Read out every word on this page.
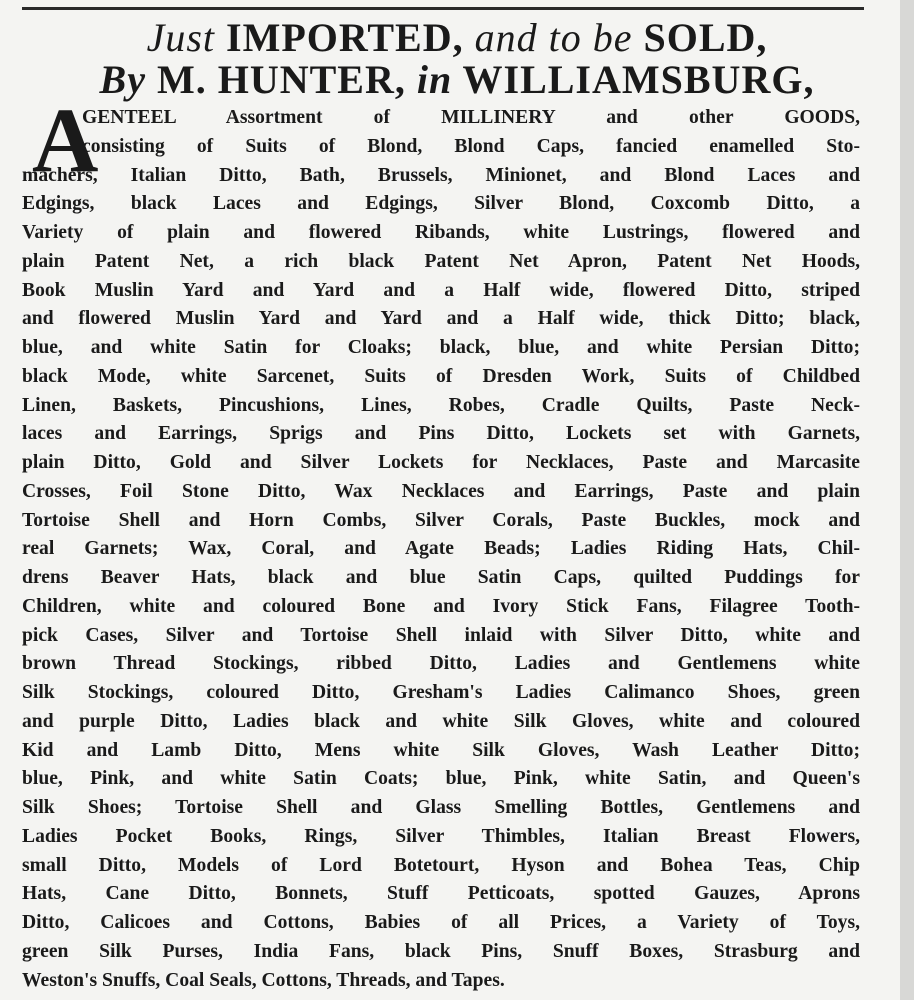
Just IMPORTED, and to be SOLD,
By M. HUNTER, in WILLIAMSBURG,
A
GENTEEL Assortment of MILLINERY and other GOODS,
consisting of Suits of Blond, Blond Caps, fancied enamelled Sto-
machers, Italian Ditto, Bath, Brussels, Minionet, and Blond Laces and
Edgings, black Laces and Edgings, Silver Blond, Coxcomb Ditto, a
Variety of plain and flowered Ribands, white Lustrings, flowered and
plain Patent Net, a rich black Patent Net Apron, Patent Net Hoods,
Book Muslin Yard and Yard and a Half wide, flowered Ditto, striped
and flowered Muslin Yard and Yard and a Half wide, thick Ditto; black,
blue, and white Satin for Cloaks; black, blue, and white Persian Ditto;
black Mode, white Sarcenet, Suits of Dresden Work, Suits of Childbed
Linen, Baskets, Pincushions, Lines, Robes, Cradle Quilts, Paste Neck-
laces and Earrings, Sprigs and Pins Ditto, Lockets set with Garnets,
plain Ditto, Gold and Silver Lockets for Necklaces, Paste and Marcasite
Crosses, Foil Stone Ditto, Wax Necklaces and Earrings, Paste and plain
Tortoise Shell and Horn Combs, Silver Corals, Paste Buckles, mock and
real Garnets; Wax, Coral, and Agate Beads; Ladies Riding Hats, Chil-
drens Beaver Hats, black and blue Satin Caps, quilted Puddings for
Children, white and coloured Bone and Ivory Stick Fans, Filagree Tooth-
pick Cases, Silver and Tortoise Shell inlaid with Silver Ditto, white and
brown Thread Stockings, ribbed Ditto, Ladies and Gentlemens white
Silk Stockings, coloured Ditto, Gresham's Ladies Calimanco Shoes, green
and purple Ditto, Ladies black and white Silk Gloves, white and coloured
Kid and Lamb Ditto, Mens white Silk Gloves, Wash Leather Ditto;
blue, Pink, and white Satin Coats; blue, Pink, white Satin, and Queen's
Silk Shoes; Tortoise Shell and Glass Smelling Bottles, Gentlemens and
Ladies Pocket Books, Rings, Silver Thimbles, Italian Breast Flowers,
small Ditto, Models of Lord Botetourt, Hyson and Bohea Teas, Chip
Hats, Cane Ditto, Bonnets, Stuff Petticoats, spotted Gauzes, Aprons
Ditto, Calicoes and Cottons, Babies of all Prices, a Variety of Toys,
green Silk Purses, India Fans, black Pins, Snuff Boxes, Strasburg and
Weston's Snuffs, Coal Seals, Cottons, Threads, and Tapes.
